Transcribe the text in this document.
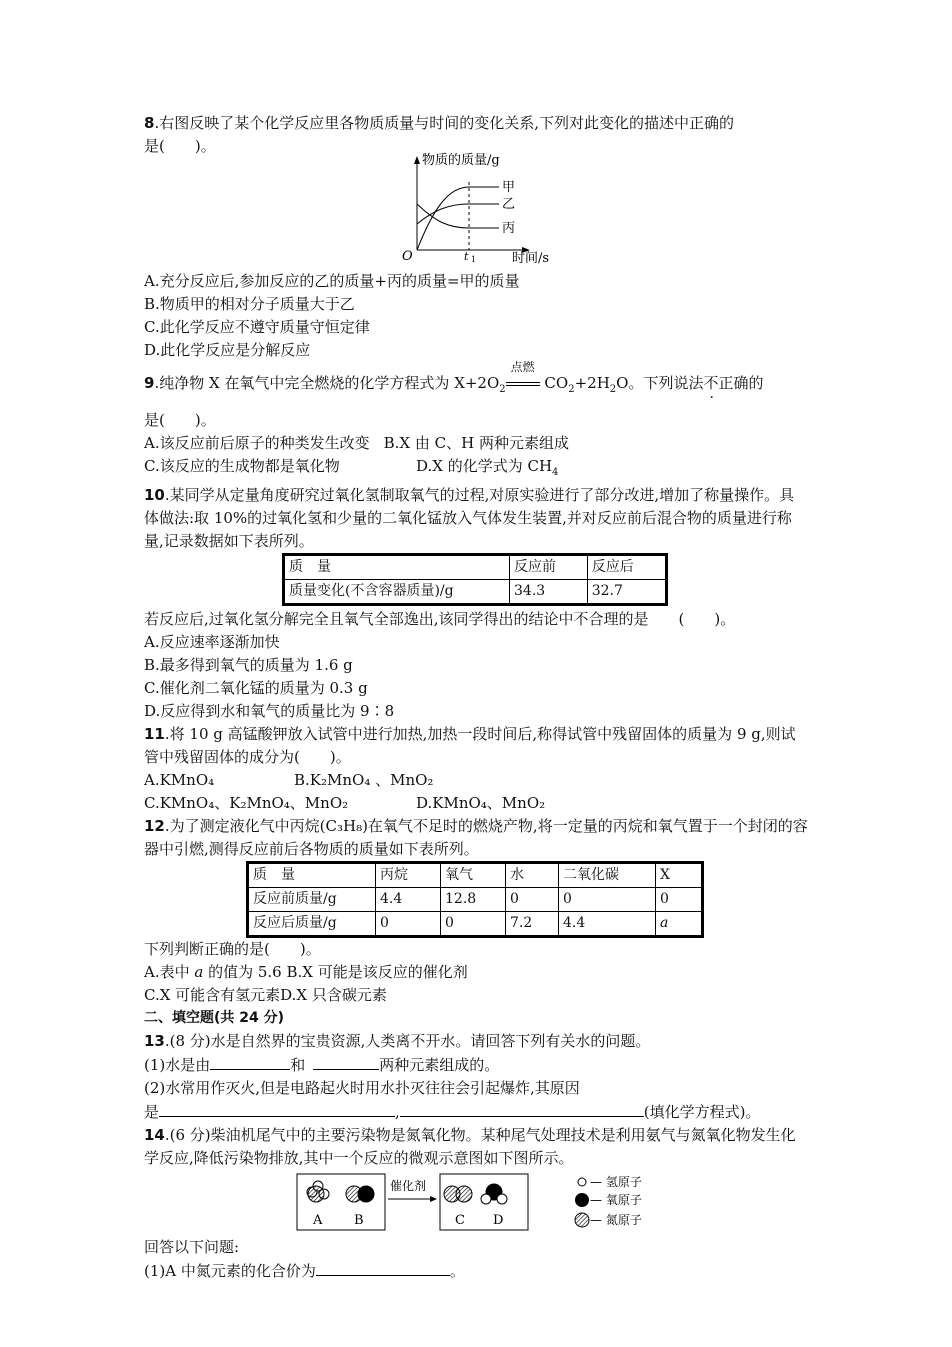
8.右图反映了某个化学反应里各物质质量与时间的变化关系,下列对此变化的描述中正确的
是(　　)。
物质的质量/g
甲
乙
丙
O	t 1	时间/s
A.充分反应后,参加反应的乙的质量+丙的质量=甲的质量
B.物质甲的相对分子质量大于乙
C.此化学反应不遵守质量守恒定律
D.此化学反应是分解反应
9.纯净物 X 在氧气中完全燃烧的化学方程式为 $X+2O_2$
点燃
$CO_2+2H_2O$。下列说法不正确的
是(　　)。
A.该反应前后原子的种类发生改变 B.X 由 C、H 两种元素组成
C.该反应的生成物都是氧化物	D.X 的化学式为 $CH_4$
10.某同学从定量角度研究过氧化氢制取氧气的过程,对原实验进行了部分改进,增加了称量操作。具体做法:取 10%的过氧化氢和少量的二氧化锰放入气体发生装置,并对反应前后混合物的质量进行称量,记录数据如下表所列。
质　量	反应前	反应后
质量变化(不含容器质量)/g	34.3	32.7
若反应后,过氧化氢分解完全且氧气全部逸出,该同学得出的结论中不合理的是　　(　　)。
A.反应速率逐渐加快
B.最多得到氧气的质量为 1.6 g
C.催化剂二氧化锰的质量为 0.3 g
D.反应得到水和氧气的质量比为 9∶8
11.将 10 g 高锰酸钾放入试管中进行加热,加热一段时间后,称得试管中残留固体的质量为 9 g,则试管中残留固体的成分为(　　)。
A.KMnO₄	B.K₂MnO₄ 、MnO₂
C.KMnO₄、K₂MnO₄、MnO₂	D.KMnO₄、MnO₂
12.为了测定液化气中丙烷(C₃H₈)在氧气不足时的燃烧产物,将一定量的丙烷和氧气置于一个封闭的容器中引燃,测得反应前后各物质的质量如下表所列。
质　量	丙烷	氧气	水	二氧化碳	X
反应前质量/g	4.4	12.8	0	0	0
反应后质量/g	0	0	7.2	4.4	a
下列判断正确的是(　　)。
A.表中 a 的值为 5.6 B.X 可能是该反应的催化剂
C.X 可能含有氢元素D.X 只含碳元素
二、填空题(共 24 分)
13.(8 分)水是自然界的宝贵资源,人类离不开水。请回答下列有关水的问题。
(1)水是由	和	两种元素组成的。
(2)水常用作灭火,但是电路起火时用水扑灭往往会引起爆炸,其原因
是	,	(填化学方程式)。
14.(6 分)柴油机尾气中的主要污染物是氮氧化物。某种尾气处理技术是利用氨气与氮氧化物发生化学反应,降低污染物排放,其中一个反应的微观示意图如下图所示。
A B
催化剂
C D
— 氢原子
— 氧原子
— 氮原子
回答以下问题:
(1)A 中氮元素的化合价为	。
